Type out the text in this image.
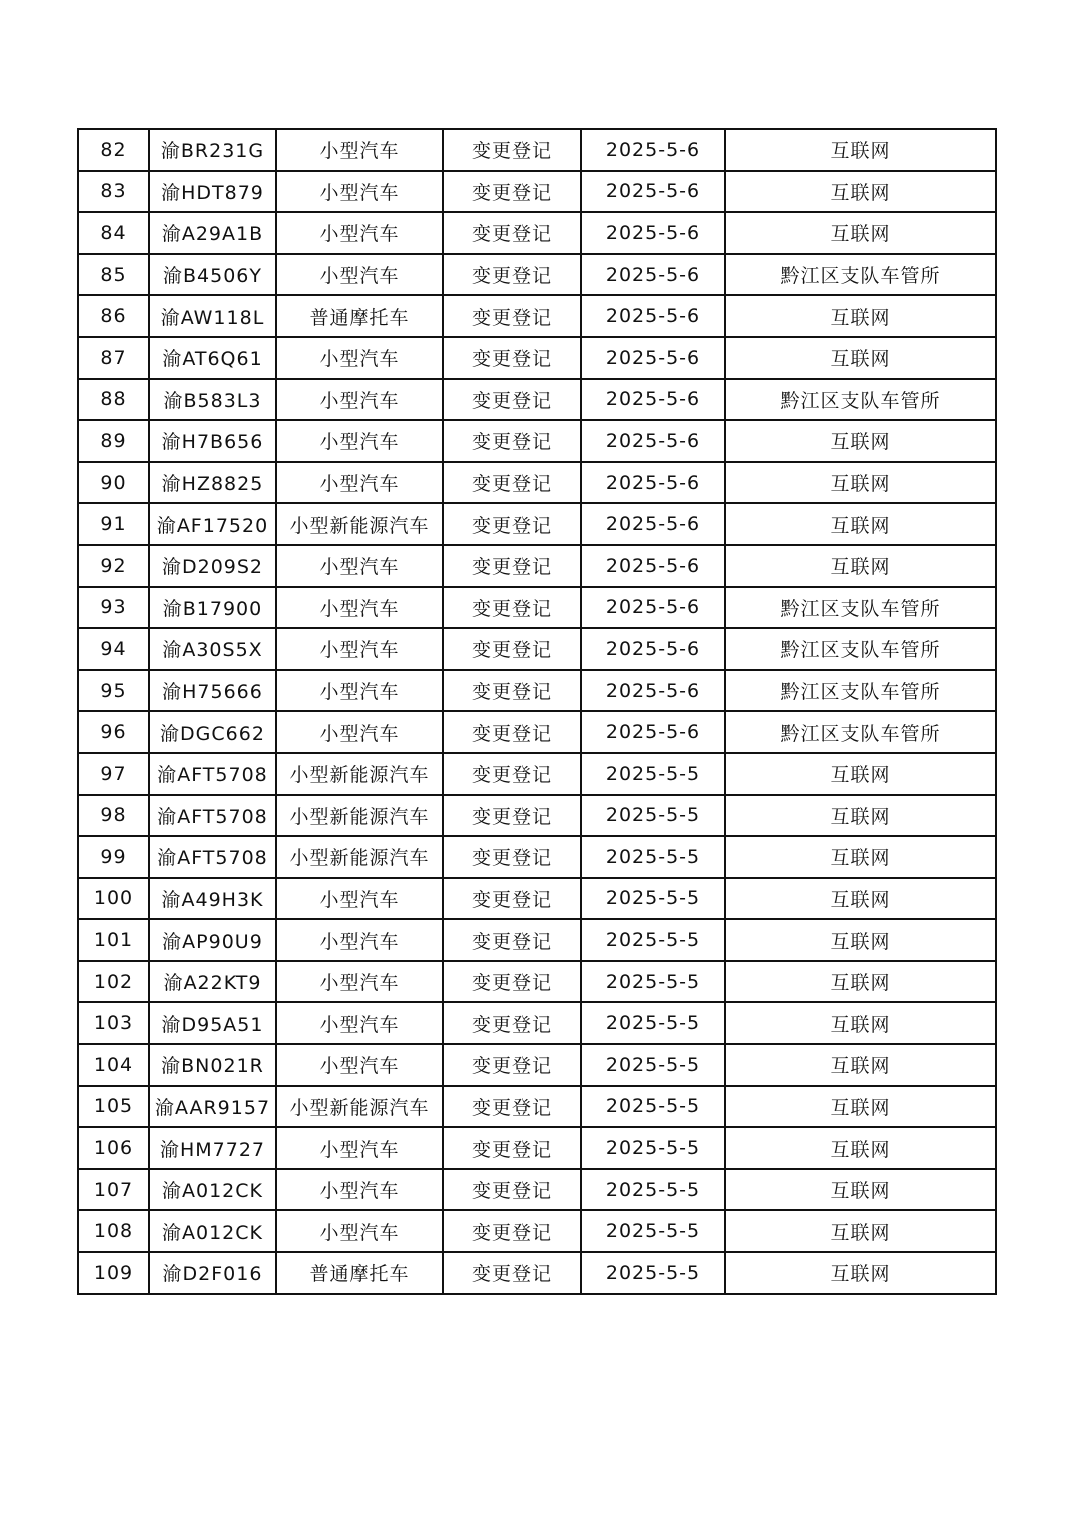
82	渝BR231G	小型汽车	变更登记	2025-5-6	互联网
83	渝HDT879	小型汽车	变更登记	2025-5-6	互联网
84	渝A29A1B	小型汽车	变更登记	2025-5-6	互联网
85	渝B4506Y	小型汽车	变更登记	2025-5-6	黔江区支队车管所
86	渝AW118L	普通摩托车	变更登记	2025-5-6	互联网
87	渝AT6Q61	小型汽车	变更登记	2025-5-6	互联网
88	渝B583L3	小型汽车	变更登记	2025-5-6	黔江区支队车管所
89	渝H7B656	小型汽车	变更登记	2025-5-6	互联网
90	渝HZ8825	小型汽车	变更登记	2025-5-6	互联网
91	渝AF17520	小型新能源汽车	变更登记	2025-5-6	互联网
92	渝D209S2	小型汽车	变更登记	2025-5-6	互联网
93	渝B17900	小型汽车	变更登记	2025-5-6	黔江区支队车管所
94	渝A30S5X	小型汽车	变更登记	2025-5-6	黔江区支队车管所
95	渝H75666	小型汽车	变更登记	2025-5-6	黔江区支队车管所
96	渝DGC662	小型汽车	变更登记	2025-5-6	黔江区支队车管所
97	渝AFT5708	小型新能源汽车	变更登记	2025-5-5	互联网
98	渝AFT5708	小型新能源汽车	变更登记	2025-5-5	互联网
99	渝AFT5708	小型新能源汽车	变更登记	2025-5-5	互联网
100	渝A49H3K	小型汽车	变更登记	2025-5-5	互联网
101	渝AP90U9	小型汽车	变更登记	2025-5-5	互联网
102	渝A22KT9	小型汽车	变更登记	2025-5-5	互联网
103	渝D95A51	小型汽车	变更登记	2025-5-5	互联网
104	渝BN021R	小型汽车	变更登记	2025-5-5	互联网
105	渝AAR9157	小型新能源汽车	变更登记	2025-5-5	互联网
106	渝HM7727	小型汽车	变更登记	2025-5-5	互联网
107	渝A012CK	小型汽车	变更登记	2025-5-5	互联网
108	渝A012CK	小型汽车	变更登记	2025-5-5	互联网
109	渝D2F016	普通摩托车	变更登记	2025-5-5	互联网
